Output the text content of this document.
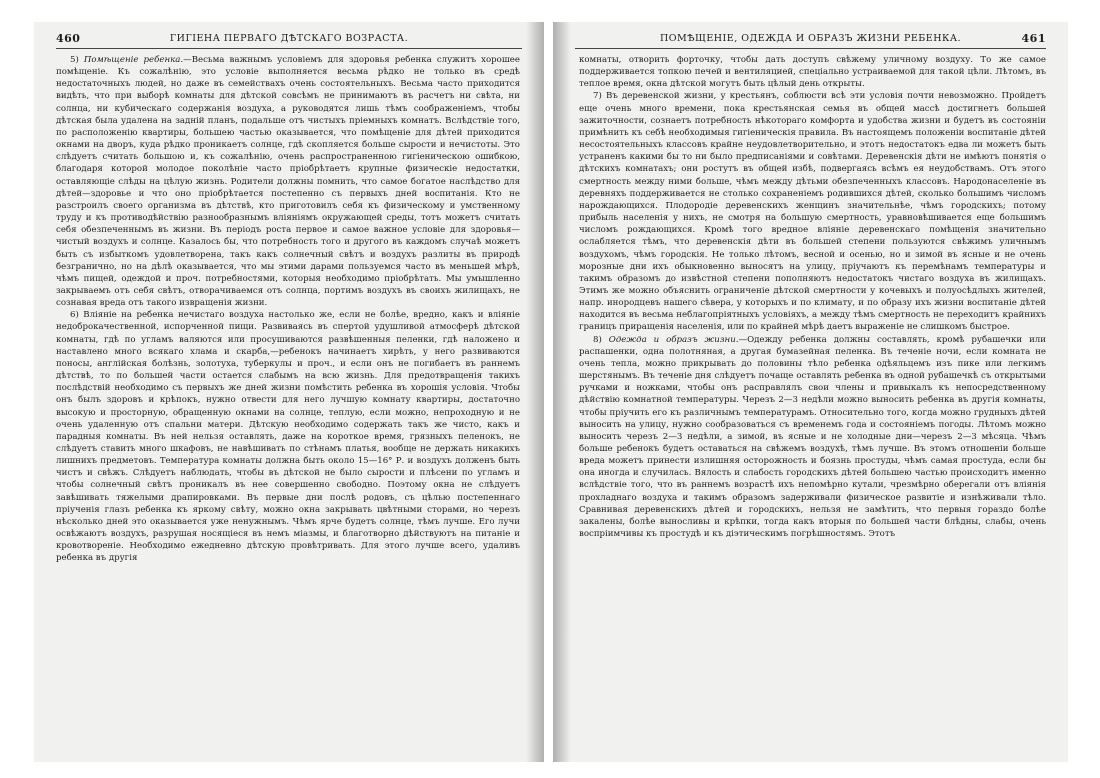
460	ГИГІЕНА ПЕРВАГО ДѢТСКАГО ВОЗРАСТА.

5) Помѣщеніе ребенка.—Весьма важнымъ условіемъ для здоровья ребенка служитъ хорошее помѣщеніе. Къ сожалѣнію, это условіе выполняется весьма рѣдко не только въ средѣ недостаточныхъ людей, но даже въ семействахъ очень состоятельныхъ. Весьма часто приходится видѣть, что при выборѣ комнаты для дѣтской совсѣмъ не принимаютъ въ расчетъ ни свѣта, ни солнца, ни кубическаго содержанія воздуха, а руководятся лишь тѣмъ соображеніемъ, чтобы дѣтская была удалена на заднiй планъ, подальше отъ чистыхъ пріемныхъ комнатъ. Вслѣдствіе того, по расположенію квартиры, большею частью оказывается, что помѣщеніе для дѣтей приходится окнами на дворъ, куда рѣдко проникаетъ солнце, гдѣ скопляется больше сырости и нечистоты. Это слѣдуетъ считать большою и, къ сожалѣнію, очень распространенною гигіеническою ошибкою, благодаря которой молодое поколѣніе часто пріобрѣтаетъ крупные физическіе недостатки, оставляющіе слѣды на цѣлую жизнь. Родители должны помнить, что самое богатое наслѣдство для дѣтей—здоровье и что оно пріобрѣтается постепенно съ первыхъ дней воспитанія. Кто не разстроилъ своего организма въ дѣтствѣ, кто приготовилъ себя къ физическому и умственному труду и къ противодѣйствію разнообразнымъ вліяніямъ окружающей среды, тотъ можетъ считать себя обезпеченнымъ въ жизни. Въ періодъ роста первое и самое важное условіе для здоровья—чистый воздухъ и солнце. Казалось бы, что потребность того и другого въ каждомъ случаѣ можетъ быть съ избыткомъ удовлетворена, такъ какъ солнечный свѣтъ и воздухъ разлиты въ природѣ безгранично, но на дѣлѣ оказывается, что мы этими дарами пользуемся часто въ меньшей мѣрѣ, чѣмъ пищей, одеждой и проч. потребностями, которыя необходимо пріобрѣтать. Мы умышленно закрываемъ отъ себя свѣтъ, отворачиваемся отъ солнца, портимъ воздухъ въ своихъ жилищахъ, не сознавая вреда отъ такого извращенія жизни.

6) Вліяніе на ребенка нечистаго воздуха настолько же, если не болѣе, вредно, какъ и вліяніе недоброкачественной, испорченной пищи. Развиваясь въ спертой удушливой атмосферѣ дѣтской комнаты, гдѣ по угламъ валяются или просушиваются развѣшенныя пеленки, гдѣ наложено и наставлено много всякаго хлама и скарба,—ребенокъ начинаетъ хирѣть, у него развиваются поносы, англійская болѣзнь, золотуха, туберкулы и проч., и если онъ не погибаетъ въ раннемъ дѣтствѣ, то по большей части остается слабымъ на всю жизнь. Для предотвращенія такихъ послѣдствій необходимо съ первыхъ же дней жизни помѣстить ребенка въ хорошія условія. Чтобы онъ былъ здоровъ и крѣпокъ, нужно отвести для него лучшую комнату квартиры, достаточно высокую и просторную, обращенную окнами на солнце, теплую, если можно, непроходную и не очень удаленную отъ спальни матери. Дѣтскую необходимо содержать такъ же чисто, какъ и парадныя комнаты. Въ ней нельзя оставлять, даже на короткое время, грязныхъ пеленокъ, не слѣдуетъ ставить много шкафовъ, не навѣшивать по стѣнамъ платья, вообще не держать никакихъ лишнихъ предметовъ. Температура комнаты должна быть около 15—16° Р. и воздухъ долженъ быть чистъ и свѣжъ. Слѣдуетъ наблюдать, чтобы въ дѣтской не было сырости и плѣсени по угламъ и чтобы солнечный свѣтъ проникалъ въ нее совершенно свободно. Поэтому окна не слѣдуетъ завѣшивать тяжелыми драпировками. Въ первые дни послѣ родовъ, съ цѣлью постепеннаго пріученія глазъ ребенка къ яркому свѣту, можно окна закрывать цвѣтными сторами, но черезъ нѣсколько дней это оказывается уже ненужнымъ. Чѣмъ ярче будетъ солнце, тѣмъ лучше. Его лучи освѣжаютъ воздухъ, разрушая носящіеся въ немъ міазмы, и благотворно дѣйствуютъ на питаніе и кровотвореніе. Необходимо ежедневно дѣтскую провѣтривать. Для этого лучше всего, удаливъ ребенка въ другія

ПОМѢЩЕНІЕ, ОДЕЖДА И ОБРАЗЪ ЖИЗНИ РЕБЕНКА.	461

комнаты, отворить форточку, чтобы дать доступъ свѣжему уличному воздуху. То же самое поддерживается топкою печей и вентиляцией, спеціально устраиваемой для такой цѣли. Лѣтомъ, въ теплое время, окна дѣтской могутъ быть цѣлый день открыты.

7) Въ деревенской жизни, у крестьянъ, соблюсти всѣ эти условія почти невозможно. Пройдетъ еще очень много времени, пока крестьянская семья въ общей массѣ достигнетъ большей зажиточности, сознаетъ потребность нѣкотораго комфорта и удобства жизни и будетъ въ состояніи примѣнить къ себѣ необходимыя гигіеническія правила. Въ настоящемъ положеніи воспитаніе дѣтей несостоятельныхъ классовъ крайне неудовлетворительно, и этотъ недостатокъ едва ли можетъ быть устраненъ какими бы то ни было предписаніями и совѣтами. Деревенскія дѣти не имѣютъ понятія о дѣтскихъ комнатахъ; они ростутъ въ общей избѣ, подвергаясь всѣмъ ея неудобствамъ. Отъ этого смертность между ними больше, чѣмъ между дѣтьми обезпеченныхъ классовъ. Народонаселеніе въ деревняхъ поддерживается не столько сохраненіемъ родившихся дѣтей, сколько большимъ числомъ нарождающихся. Плодородіе деревенскихъ женщинъ значительнѣе, чѣмъ городскихъ; потому прибыль населенія у нихъ, не смотря на большую смертность, уравновѣшивается еще большимъ числомъ рождающихся. Кромѣ того вредное вліяніе деревенскаго помѣщенія значительно ослабляется тѣмъ, что деревенскія дѣти въ большей степени пользуются свѣжимъ уличнымъ воздухомъ, чѣмъ городскія. Не только лѣтомъ, весной и осенью, но и зимой въ ясные и не очень морозные дни ихъ обыкновенно выносятъ на улицу, пріучаютъ къ перемѣнамъ температуры и такимъ образомъ до извѣстной степени пополняютъ недостатокъ чистаго воздуха въ жилищахъ. Этимъ же можно объяснить ограниченіе дѣтской смертности у кочевыхъ и полуосѣдлыхъ жителей, напр. инородцевъ нашего сѣвера, у которыхъ и по климату, и по образу ихъ жизни воспитаніе дѣтей находится въ весьма неблагопріятныхъ условіяхъ, а между тѣмъ смертность не переходитъ крайнихъ границъ приращенія населенія, или по крайней мѣрѣ даетъ выраженіе не слишкомъ быстрое.

8) Одежда и образъ жизни.—Одежду ребенка должны составлять, кромѣ рубашечки или распашенки, одна полотняная, а другая бумазейная пеленка. Въ теченіе ночи, если комната не очень тепла, можно прикрывать до половины тѣло ребенка одѣяльцемъ изъ пике или легкимъ шерстянымъ. Въ теченіе дня слѣдуетъ почаще оставлять ребенка въ одной рубашечкѣ съ открытыми ручками и ножками, чтобы онъ расправлялъ свои члены и привыкалъ къ непосредственному дѣйствію комнатной температуры. Черезъ 2—3 недѣли можно выносить ребенка въ другія комнаты, чтобы пріучить его къ различнымъ температурамъ. Относительно того, когда можно грудныхъ дѣтей выносить на улицу, нужно сообразоваться съ временемъ года и состояніемъ погоды. Лѣтомъ можно выносить черезъ 2—3 недѣли, а зимой, въ ясные и не холодные дни—черезъ 2—3 мѣсяца. Чѣмъ больше ребенокъ будетъ оставаться на свѣжемъ воздухѣ, тѣмъ лучше. Въ этомъ отношеніи больше вреда можетъ принести излишняя осторожность и боязнь простуды, чѣмъ самая простуда, если бы она иногда и случилась. Вялость и слабость городскихъ дѣтей большею частью происходитъ именно вслѣдствіе того, что въ раннемъ возрастѣ ихъ непомѣрно кутали, чрезмѣрно оберегали отъ вліянія прохладнаго воздуха и такимъ образомъ задерживали физическое развитіе и изнѣживали тѣло. Сравнивая деревенскихъ дѣтей и городскихъ, нельзя не замѣтить, что первыя гораздо болѣе закалены, болѣе выносливы и крѣпки, тогда какъ вторыя по большей части блѣдны, слабы, очень воспріимчивы къ простудѣ и къ діэтическимъ погрѣшностямъ. Этотъ
